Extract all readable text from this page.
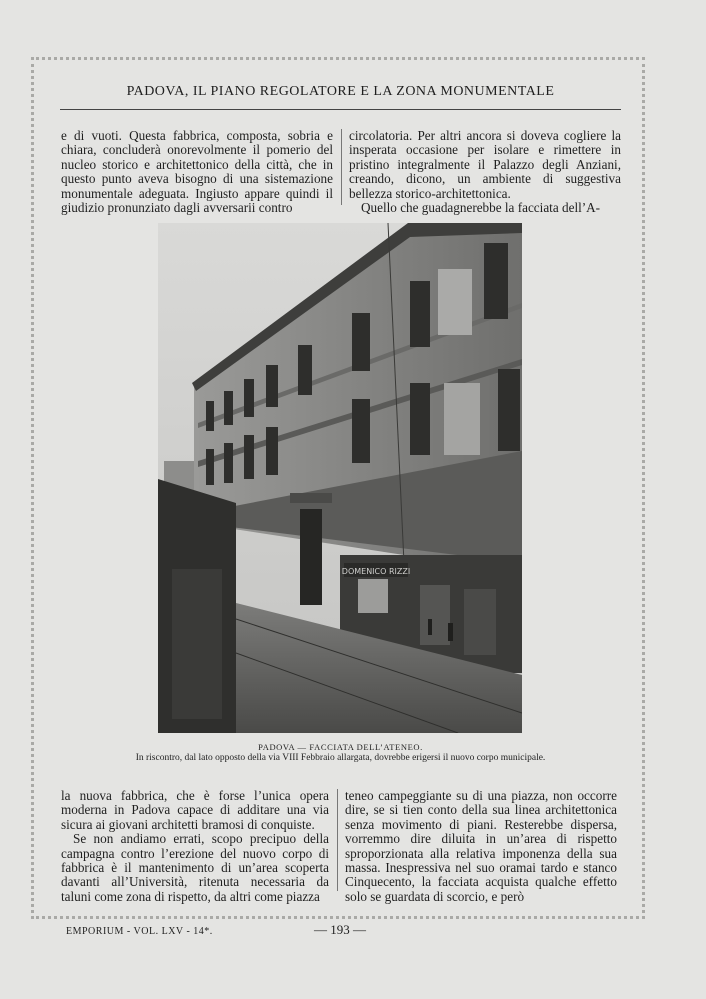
PADOVA, IL PIANO REGOLATORE E LA ZONA MONUMENTALE

e di vuoti. Questa fabbrica, composta, sobria e chiara, concluderà onorevolmente il pomerio del nucleo storico e architettonico della città, che in questo punto aveva bisogno di una sistemazione monumentale adeguata. Ingiusto appare quindi il giudizio pronunziato dagli avversarii contro

circolatoria. Per altri ancora si doveva cogliere la insperata occasione per isolare e rimettere in pristino integralmente il Palazzo degli Anziani, creando, dicono, un ambiente di suggestiva bellezza storico-architettonica.

Quello che guadagnerebbe la facciata dell’A-

DOMENICO RIZZI
PADOVA — FACCIATA DELL’ATENEO.
In riscontro, dal lato opposto della via VIII Febbraio allargata, dovrebbe erigersi il nuovo corpo municipale.

la nuova fabbrica, che è forse l’unica opera moderna in Padova capace di additare una via sicura ai giovani architetti bramosi di conquiste.

Se non andiamo errati, scopo precipuo della campagna contro l’erezione del nuovo corpo di fabbrica è il mantenimento di un’area scoperta davanti all’Università, ritenuta necessaria da taluni come zona di rispetto, da altri come piazza

teneo campeggiante su di una piazza, non occorre dire, se si tien conto della sua linea architettonica senza movimento di piani. Resterebbe dispersa, vorremmo dire diluita in un’area di rispetto sproporzionata alla relativa imponenza della sua massa. Inespressiva nel suo oramai tardo e stanco Cinquecento, la facciata acquista qualche effetto solo se guardata di scorcio, e però

EMPORIUM - VOL. LXV - 14*.	— 193 —
